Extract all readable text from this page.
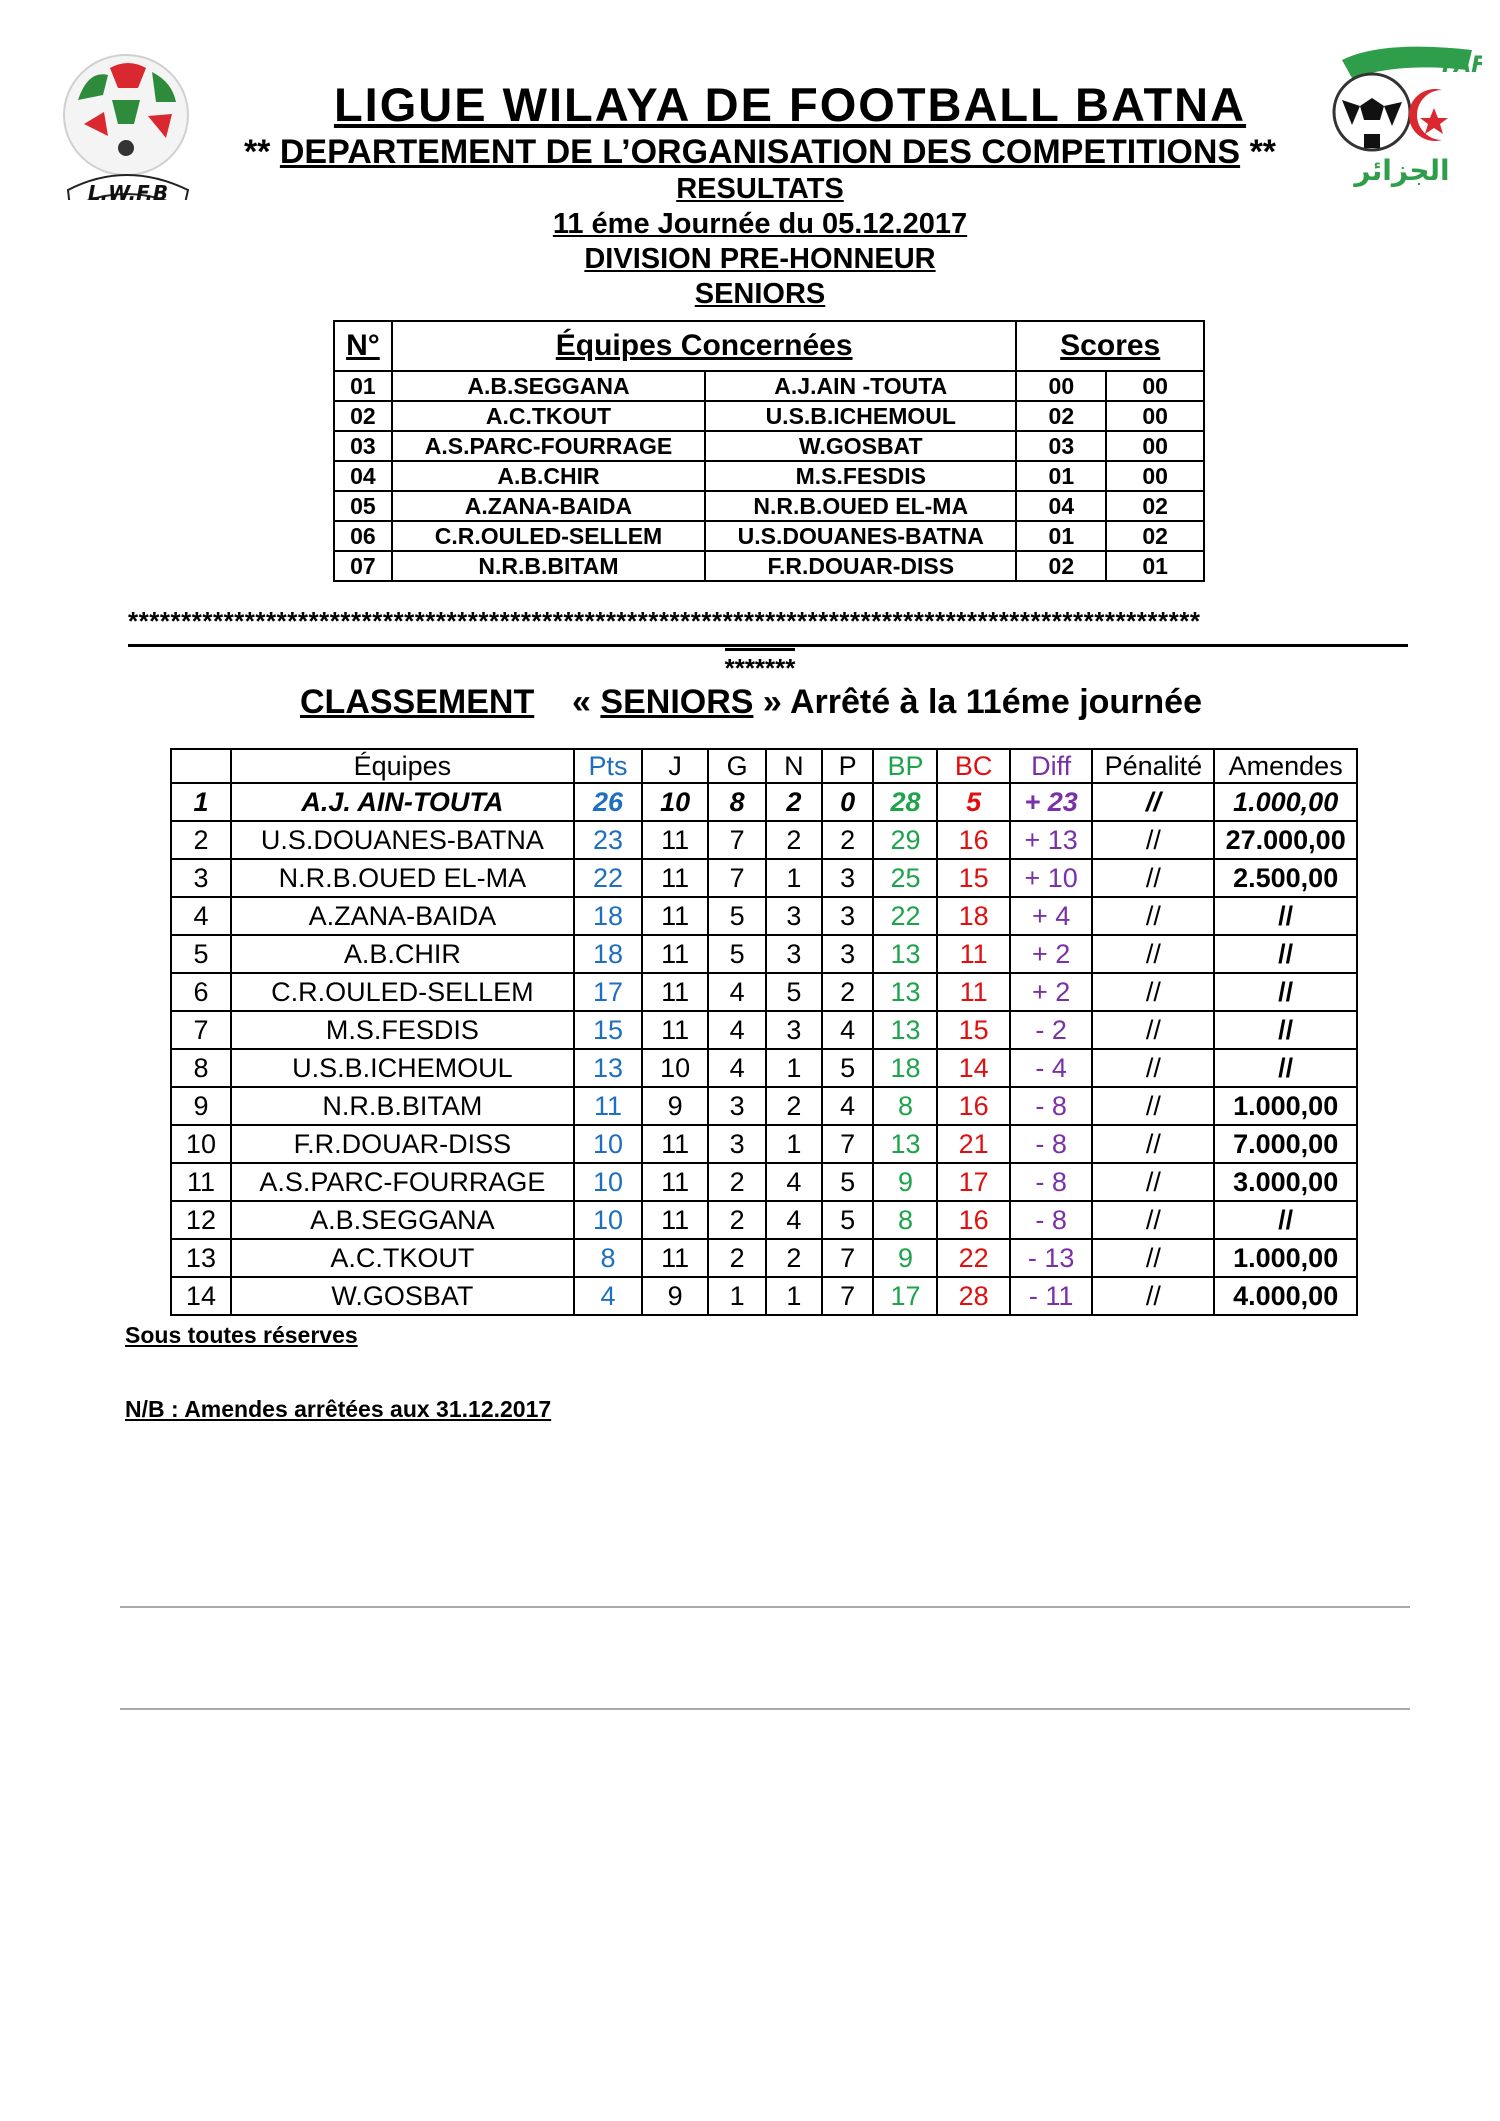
L.W.F.B
FAF
الجزائر
LIGUE WILAYA DE FOOTBALL BATNA
** DEPARTEMENT DE L’ORGANISATION DES COMPETITIONS **
RESULTATS
11 éme Journée du 05.12.2017
DIVISION PRE-HONNEUR
SENIORS
N°	Équipes Concernées		Scores	
01	A.B.SEGGANA	A.J.AIN -TOUTA	00	00
02	A.C.TKOUT	U.S.B.ICHEMOUL	02	00
03	A.S.PARC-FOURRAGE	W.GOSBAT	03	00
04	A.B.CHIR	M.S.FESDIS	01	00
05	A.ZANA-BAIDA	N.R.B.OUED EL-MA	04	02
06	C.R.OULED-SELLEM	U.S.DOUANES-BATNA	01	02
07	N.R.B.BITAM	F.R.DOUAR-DISS	02	01
*****************************************************************************************************
*******
CLASSEMENT « SENIORS » Arrêté à la 11éme journée
	Équipes	Pts	J	G	N	P	BP	BC	Diff	Pénalité	Amendes
1	A.J. AIN-TOUTA	26	10	8	2	0	28	5	+ 23	//	1.000,00
2	U.S.DOUANES-BATNA	23	11	7	2	2	29	16	+ 13	//	27.000,00
3	N.R.B.OUED EL-MA	22	11	7	1	3	25	15	+ 10	//	2.500,00
4	A.ZANA-BAIDA	18	11	5	3	3	22	18	+ 4	//	//
5	A.B.CHIR	18	11	5	3	3	13	11	+ 2	//	//
6	C.R.OULED-SELLEM	17	11	4	5	2	13	11	+ 2	//	//
7	M.S.FESDIS	15	11	4	3	4	13	15	- 2	//	//
8	U.S.B.ICHEMOUL	13	10	4	1	5	18	14	- 4	//	//
9	N.R.B.BITAM	11	9	3	2	4	8	16	- 8	//	1.000,00
10	F.R.DOUAR-DISS	10	11	3	1	7	13	21	- 8	//	7.000,00
11	A.S.PARC-FOURRAGE	10	11	2	4	5	9	17	- 8	//	3.000,00
12	A.B.SEGGANA	10	11	2	4	5	8	16	- 8	//	//
13	A.C.TKOUT	8	11	2	2	7	9	22	- 13	//	1.000,00
14	W.GOSBAT	4	9	1	1	7	17	28	- 11	//	4.000,00
Sous toutes réserves
N/B : Amendes arrêtées aux 31.12.2017
